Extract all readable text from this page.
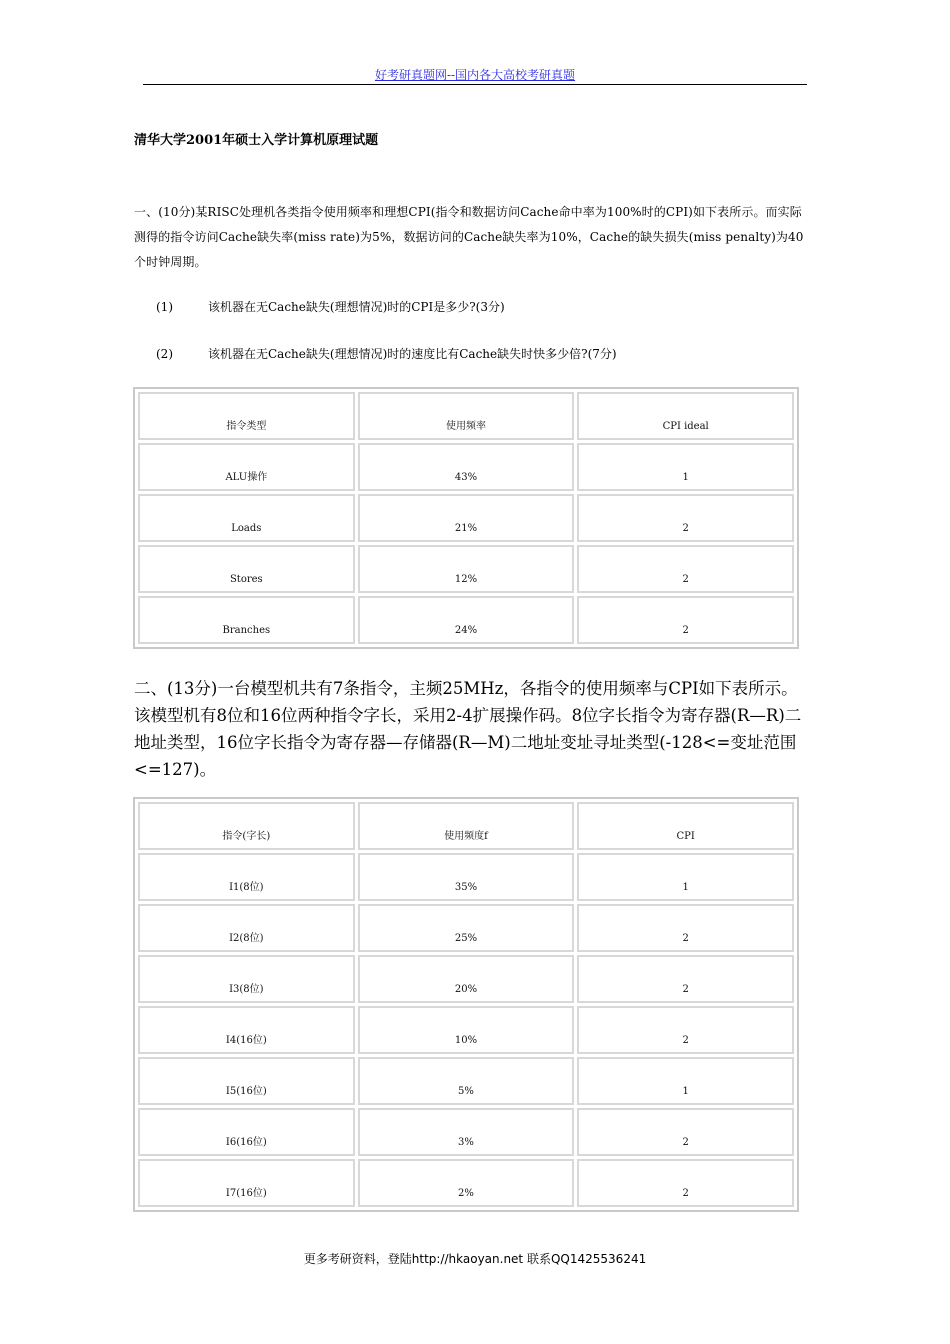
好考研真题网--国内各大高校考研真题
清华大学2001年硕士入学计算机原理试题
一、(10分)某RISC处理机各类指令使用频率和理想CPI(指令和数据访问Cache命中率为100%时的CPI)如下表所示。而实际测得的指令访问Cache缺失率(miss rate)为5%，数据访问的Cache缺失率为10%，Cache的缺失损失(miss penalty)为40个时钟周期。
(1)	该机器在无Cache缺失(理想情况)时的CPI是多少?(3分)
(2)	该机器在无Cache缺失(理想情况)时的速度比有Cache缺失时快多少倍?(7分)
指令类型	使用频率	CPI ideal
ALU操作	43%	1
Loads	21%	2
Stores	12%	2
Branches	24%	2
二、(13分)一台模型机共有7条指令，主频25MHz，各指令的使用频率与CPI如下表所示。该模型机有8位和16位两种指令字长，采用2-4扩展操作码。8位字长指令为寄存器(R—R)二地址类型，16位字长指令为寄存器—存储器(R—M)二地址变址寻址类型(-128<=变址范围<=127)。
指令(字长)	使用频度f	CPI
I1(8位)	35%	1
I2(8位)	25%	2
I3(8位)	20%	2
I4(16位)	10%	2
I5(16位)	5%	1
I6(16位)	3%	2
I7(16位)	2%	2
更多考研资料，登陆http://hkaoyan.net 联系QQ1425536241
